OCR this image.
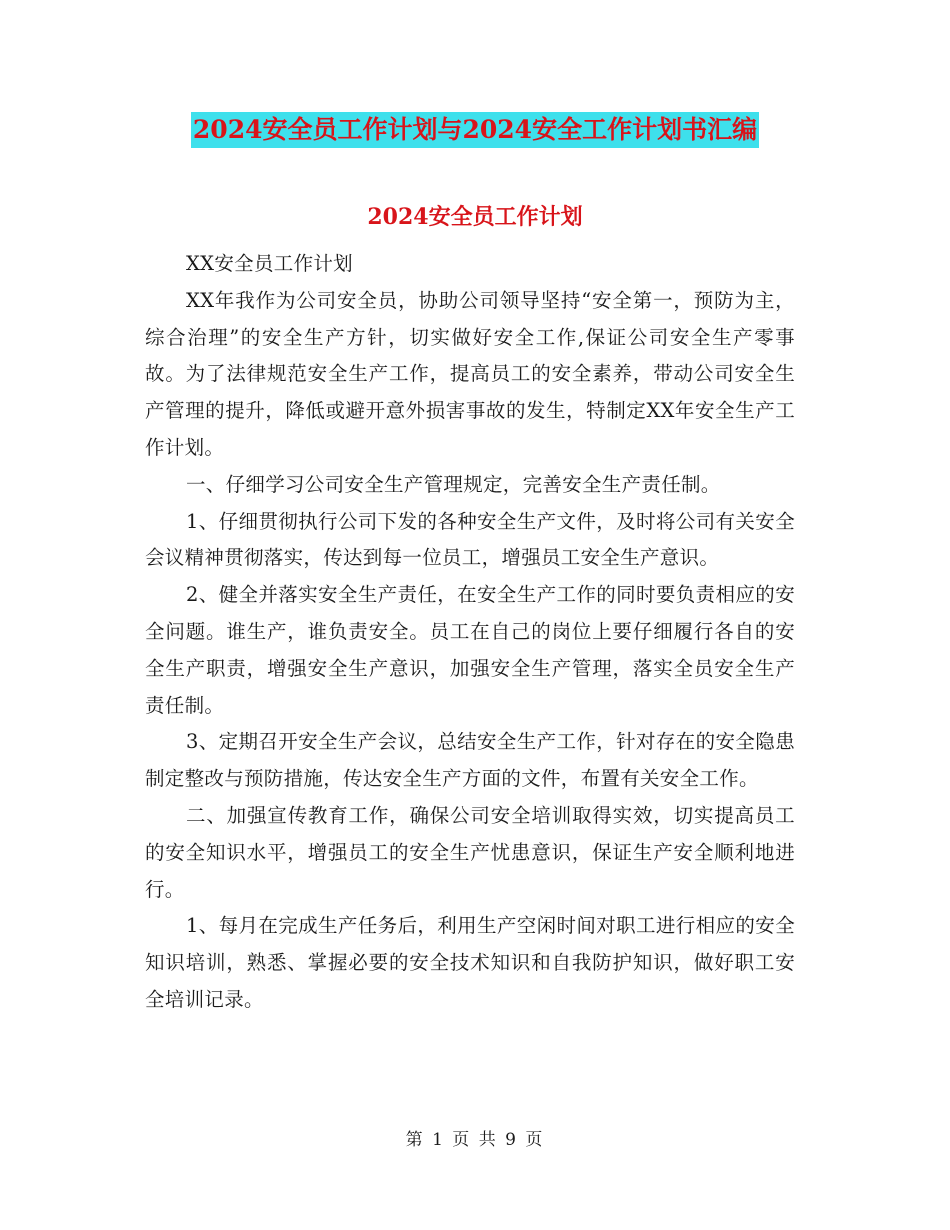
2024安全员工作计划与2024安全工作计划书汇编
2024安全员工作计划

XX安全员工作计划

XX年我作为公司安全员，协助公司领导坚持“安全第一，预防为主，综合治理”的安全生产方针，切实做好安全工作,保证公司安全生产零事故。为了法律规范安全生产工作，提高员工的安全素养，带动公司安全生产管理的提升，降低或避开意外损害事故的发生，特制定XX年安全生产工作计划。

一、仔细学习公司安全生产管理规定，完善安全生产责任制。

1、仔细贯彻执行公司下发的各种安全生产文件，及时将公司有关安全会议精神贯彻落实，传达到每一位员工，增强员工安全生产意识。

2、健全并落实安全生产责任，在安全生产工作的同时要负责相应的安全问题。谁生产，谁负责安全。员工在自己的岗位上要仔细履行各自的安全生产职责，增强安全生产意识，加强安全生产管理，落实全员安全生产责任制。

3、定期召开安全生产会议，总结安全生产工作，针对存在的安全隐患制定整改与预防措施，传达安全生产方面的文件，布置有关安全工作。

二、加强宣传教育工作，确保公司安全培训取得实效，切实提高员工的安全知识水平，增强员工的安全生产忧患意识，保证生产安全顺利地进行。

1、每月在完成生产任务后，利用生产空闲时间对职工进行相应的安全知识培训，熟悉、掌握必要的安全技术知识和自我防护知识，做好职工安全培训记录。

第 1 页 共 9 页
